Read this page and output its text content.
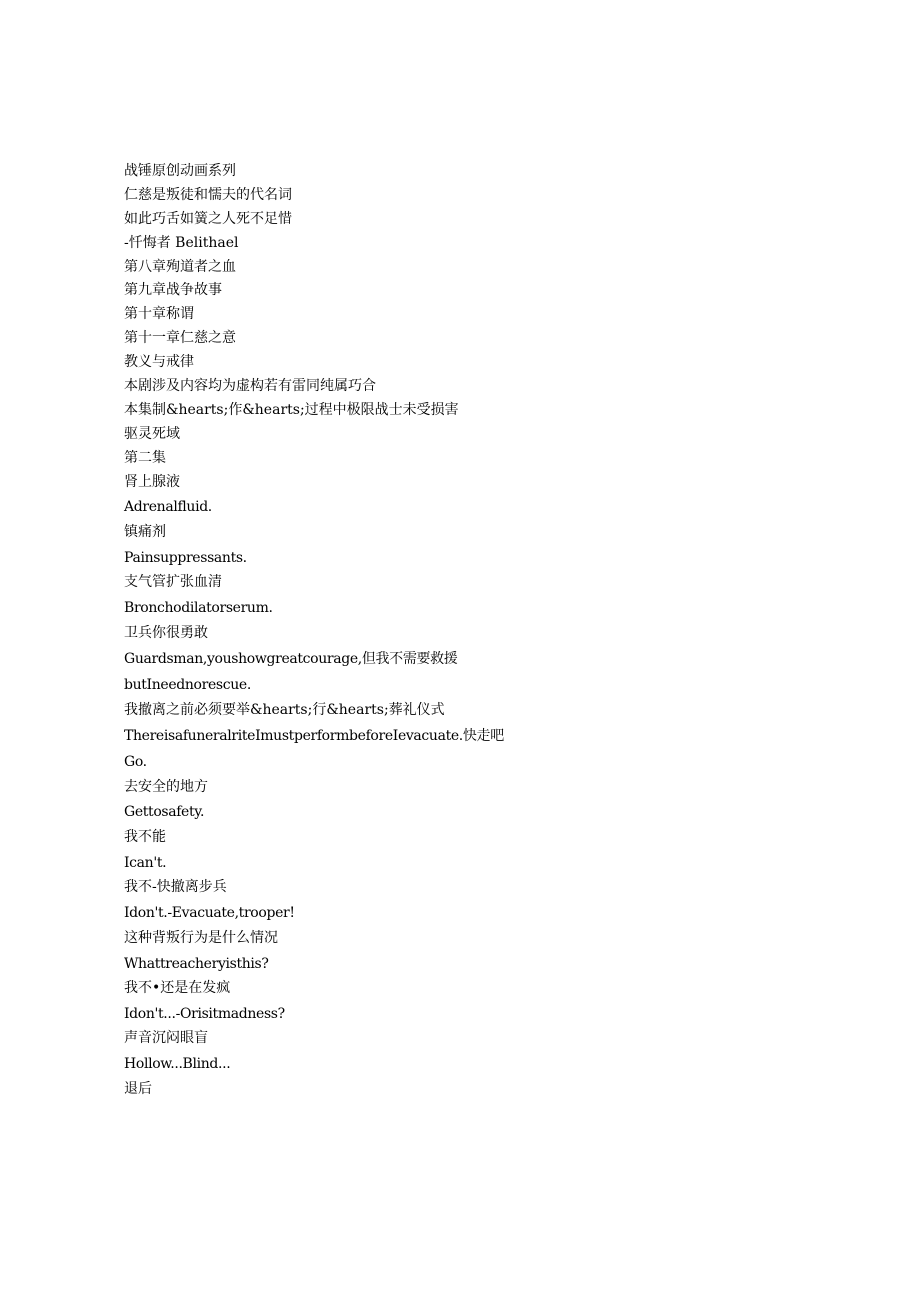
战锤原创动画系列

仁慈是叛徒和懦夫的代名词

如此巧舌如簧之人死不足惜

-忏悔者 Belithael

第八章殉道者之血

第九章战争故事

第十章称谓

第十一章仁慈之意

教义与戒律

本剧涉及内容均为虚构若有雷同纯属巧合

本集制&hearts;作&hearts;过程中极限战士未受损害

驱灵死域

第二集

肾上腺液

Adrenalfluid.

镇痛剂

Painsuppressants.

支气管扩张血清

Bronchodilatorserum.

卫兵你很勇敢

Guardsman,youshowgreatcourage,但我不需要救援

butIneednorescue.

我撤离之前必须要举&hearts;行&hearts;葬礼仪式

ThereisafuneralriteImustperformbeforeIevacuate.快走吧

Go.

去安全的地方

Gettosafety.

我不能

Ican't.

我不-快撤离步兵

Idon't.-Evacuate,trooper!

这种背叛行为是什么情况

Whattreacheryisthis?

我不•还是在发疯

Idon't...-Orisitmadness?

声音沉闷眼盲

Hollow...Blind...

退后
